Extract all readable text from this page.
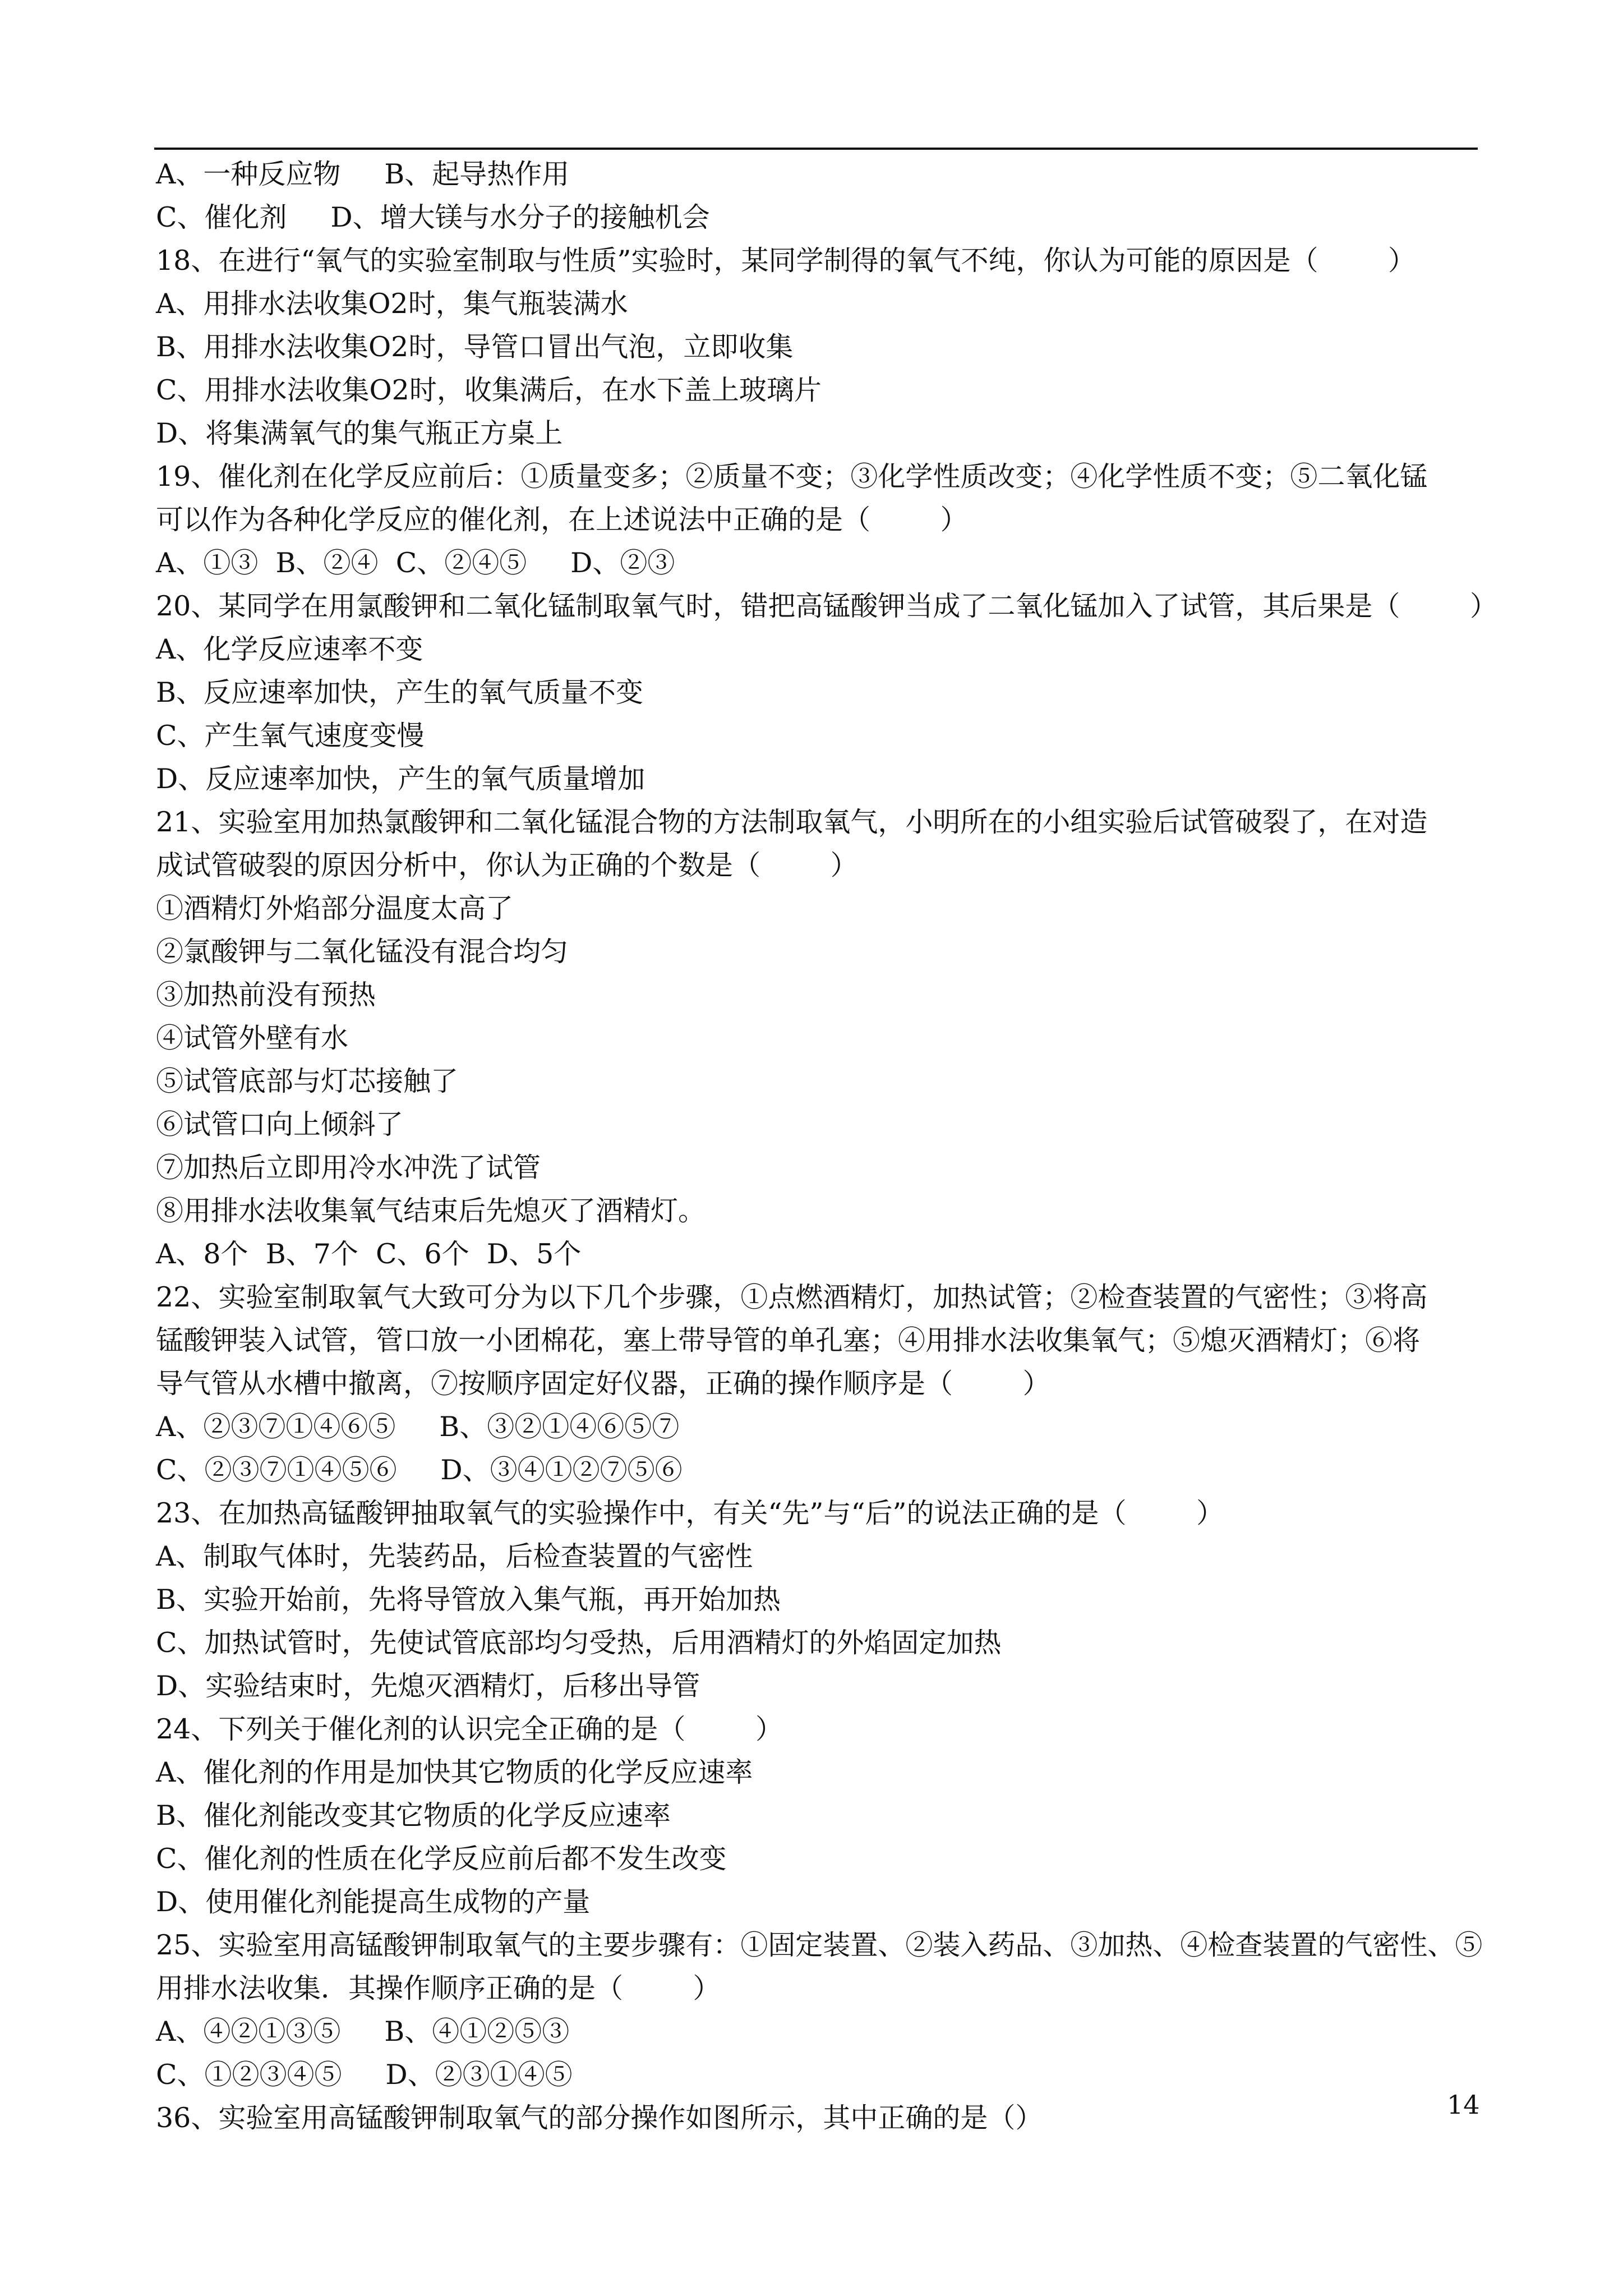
A、一种反应物     B、起导热作用

C、催化剂     D、增大镁与水分子的接触机会

18、在进行“氧气的实验室制取与性质”实验时，某同学制得的氧气不纯，你认为可能的原因是（        ）

A、用排水法收集O2时，集气瓶装满水

B、用排水法收集O2时，导管口冒出气泡，立即收集

C、用排水法收集O2时，收集满后，在水下盖上玻璃片

D、将集满氧气的集气瓶正方桌上

19、催化剂在化学反应前后：①质量变多；②质量不变；③化学性质改变；④化学性质不变；⑤二氧化锰

可以作为各种化学反应的催化剂，在上述说法中正确的是（        ）

A、①③  B、②④  C、②④⑤     D、②③

20、某同学在用氯酸钾和二氧化锰制取氧气时，错把高锰酸钾当成了二氧化锰加入了试管，其后果是（        ）

A、化学反应速率不变

B、反应速率加快，产生的氧气质量不变

C、产生氧气速度变慢

D、反应速率加快，产生的氧气质量增加

21、实验室用加热氯酸钾和二氧化锰混合物的方法制取氧气，小明所在的小组实验后试管破裂了，在对造

成试管破裂的原因分析中，你认为正确的个数是（        ）

①酒精灯外焰部分温度太高了

②氯酸钾与二氧化锰没有混合均匀

③加热前没有预热

④试管外壁有水

⑤试管底部与灯芯接触了

⑥试管口向上倾斜了

⑦加热后立即用冷水冲洗了试管

⑧用排水法收集氧气结束后先熄灭了酒精灯。

A、8个  B、7个  C、6个  D、5个

22、实验室制取氧气大致可分为以下几个步骤，①点燃酒精灯，加热试管；②检查装置的气密性；③将高

锰酸钾装入试管，管口放一小团棉花，塞上带导管的单孔塞；④用排水法收集氧气；⑤熄灭酒精灯；⑥将

导气管从水槽中撤离，⑦按顺序固定好仪器，正确的操作顺序是（        ）

A、②③⑦①④⑥⑤     B、③②①④⑥⑤⑦

C、②③⑦①④⑤⑥     D、③④①②⑦⑤⑥

23、在加热高锰酸钾抽取氧气的实验操作中，有关“先”与“后”的说法正确的是（        ）

A、制取气体时，先装药品，后检查装置的气密性

B、实验开始前，先将导管放入集气瓶，再开始加热

C、加热试管时，先使试管底部均匀受热，后用酒精灯的外焰固定加热

D、实验结束时，先熄灭酒精灯，后移出导管

24、下列关于催化剂的认识完全正确的是（        ）

A、催化剂的作用是加快其它物质的化学反应速率

B、催化剂能改变其它物质的化学反应速率

C、催化剂的性质在化学反应前后都不发生改变

D、使用催化剂能提高生成物的产量

25、实验室用高锰酸钾制取氧气的主要步骤有：①固定装置、②装入药品、③加热、④检查装置的气密性、⑤

用排水法收集．其操作顺序正确的是（        ）

A、④②①③⑤     B、④①②⑤③

C、①②③④⑤     D、②③①④⑤

36、实验室用高锰酸钾制取氧气的部分操作如图所示，其中正确的是（）	14
